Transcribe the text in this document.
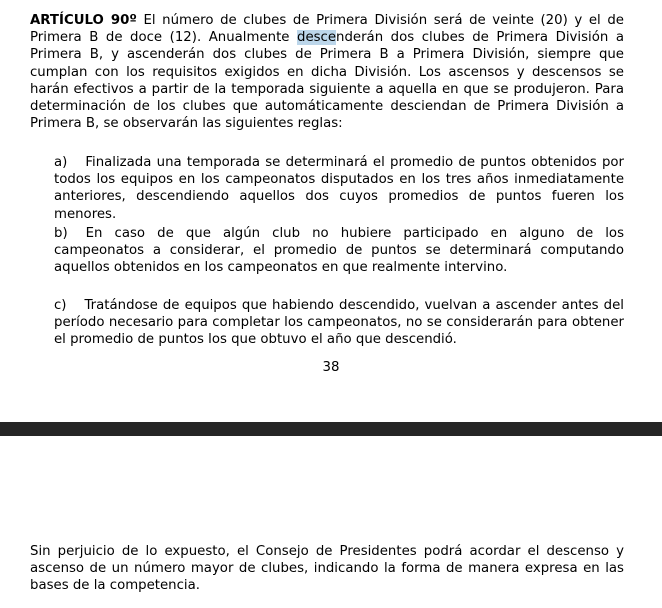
ARTÍCULO 90º El número de clubes de Primera División será de veinte (20) y el de Primera B de doce (12). Anualmente descenderán dos clubes de Primera División a Primera B, y ascenderán dos clubes de Primera B a Primera División, siempre que cumplan con los requisitos exigidos en dicha División. Los ascensos y descensos se harán efectivos a partir de la temporada siguiente a aquella en que se produjeron. Para determinación de los clubes que automáticamente desciendan de Primera División a Primera B, se observarán las siguientes reglas:

a) Finalizada una temporada se determinará el promedio de puntos obtenidos por todos los equipos en los campeonatos disputados en los tres años inmediatamente anteriores, descendiendo aquellos dos cuyos promedios de puntos fueren los menores.

b) En caso de que algún club no hubiere participado en alguno de los campeonatos a considerar, el promedio de puntos se determinará computando aquellos obtenidos en los campeonatos en que realmente intervino.

c) Tratándose de equipos que habiendo descendido, vuelvan a ascender antes del período necesario para completar los campeonatos, no se considerarán para obtener el promedio de puntos los que obtuvo el año que descendió.

38

Sin perjuicio de lo expuesto, el Consejo de Presidentes podrá acordar el descenso y ascenso de un número mayor de clubes, indicando la forma de manera expresa en las bases de la competencia.
